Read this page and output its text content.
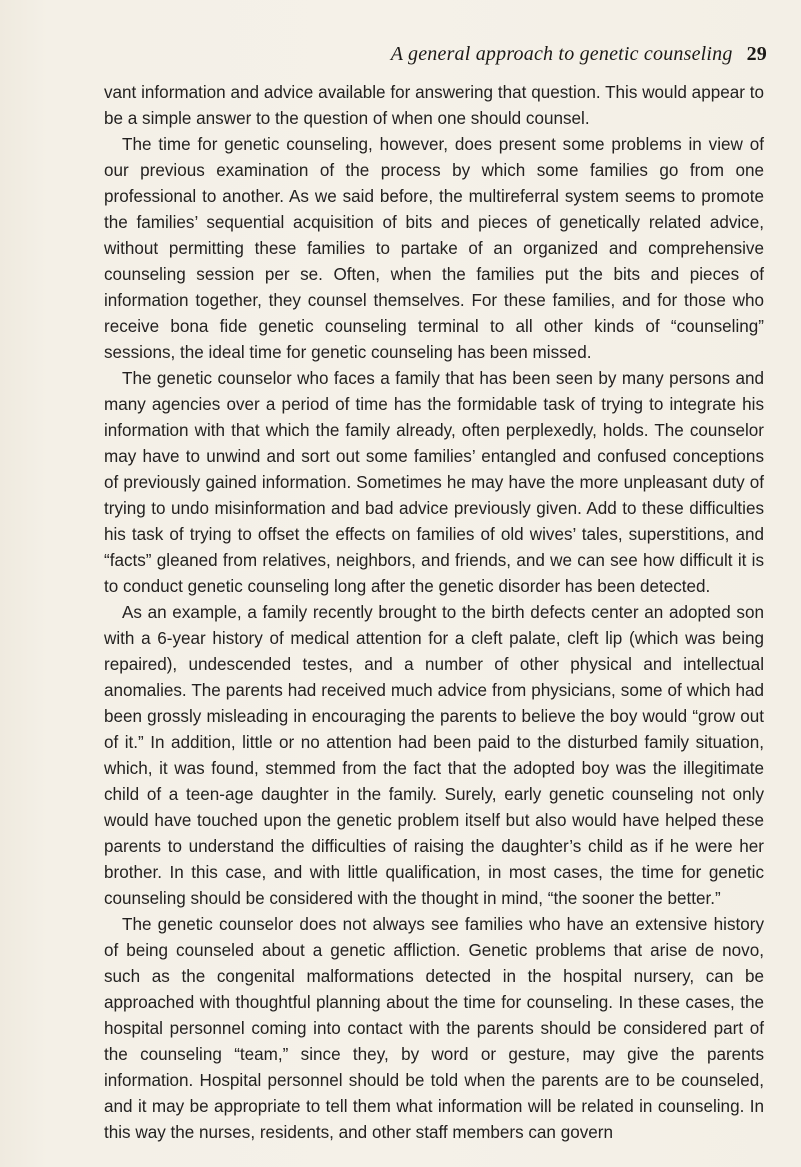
A general approach to genetic counseling 29

vant information and advice available for answering that question. This would appear to be a simple answer to the question of when one should counsel.

The time for genetic counseling, however, does present some problems in view of our previous examination of the process by which some families go from one professional to another. As we said before, the multireferral system seems to promote the families’ sequential acquisition of bits and pieces of genetically related advice, without permitting these families to partake of an organized and comprehensive counseling session per se. Often, when the families put the bits and pieces of information together, they counsel themselves. For these families, and for those who receive bona fide genetic counseling terminal to all other kinds of “counseling” sessions, the ideal time for genetic counseling has been missed.

The genetic counselor who faces a family that has been seen by many persons and many agencies over a period of time has the formidable task of trying to integrate his information with that which the family already, often perplexedly, holds. The counselor may have to unwind and sort out some families’ entangled and confused conceptions of previously gained information. Sometimes he may have the more unpleasant duty of trying to undo misinformation and bad advice previously given. Add to these difficulties his task of trying to offset the effects on families of old wives’ tales, superstitions, and “facts” gleaned from relatives, neighbors, and friends, and we can see how difficult it is to conduct genetic counseling long after the genetic disorder has been detected.

As an example, a family recently brought to the birth defects center an adopted son with a 6-year history of medical attention for a cleft palate, cleft lip (which was being repaired), undescended testes, and a number of other physical and intellectual anomalies. The parents had received much advice from physicians, some of which had been grossly misleading in encouraging the parents to believe the boy would “grow out of it.” In addition, little or no attention had been paid to the disturbed family situation, which, it was found, stemmed from the fact that the adopted boy was the illegitimate child of a teen-age daughter in the family. Surely, early genetic counseling not only would have touched upon the genetic problem itself but also would have helped these parents to understand the difficulties of raising the daughter’s child as if he were her brother. In this case, and with little qualification, in most cases, the time for genetic counseling should be considered with the thought in mind, “the sooner the better.”

The genetic counselor does not always see families who have an extensive history of being counseled about a genetic affliction. Genetic problems that arise de novo, such as the congenital malformations detected in the hospital nursery, can be approached with thoughtful planning about the time for counseling. In these cases, the hospital personnel coming into contact with the parents should be considered part of the counseling “team,” since they, by word or gesture, may give the parents information. Hospital personnel should be told when the parents are to be counseled, and it may be appropriate to tell them what information will be related in counseling. In this way the nurses, residents, and other staff members can govern
